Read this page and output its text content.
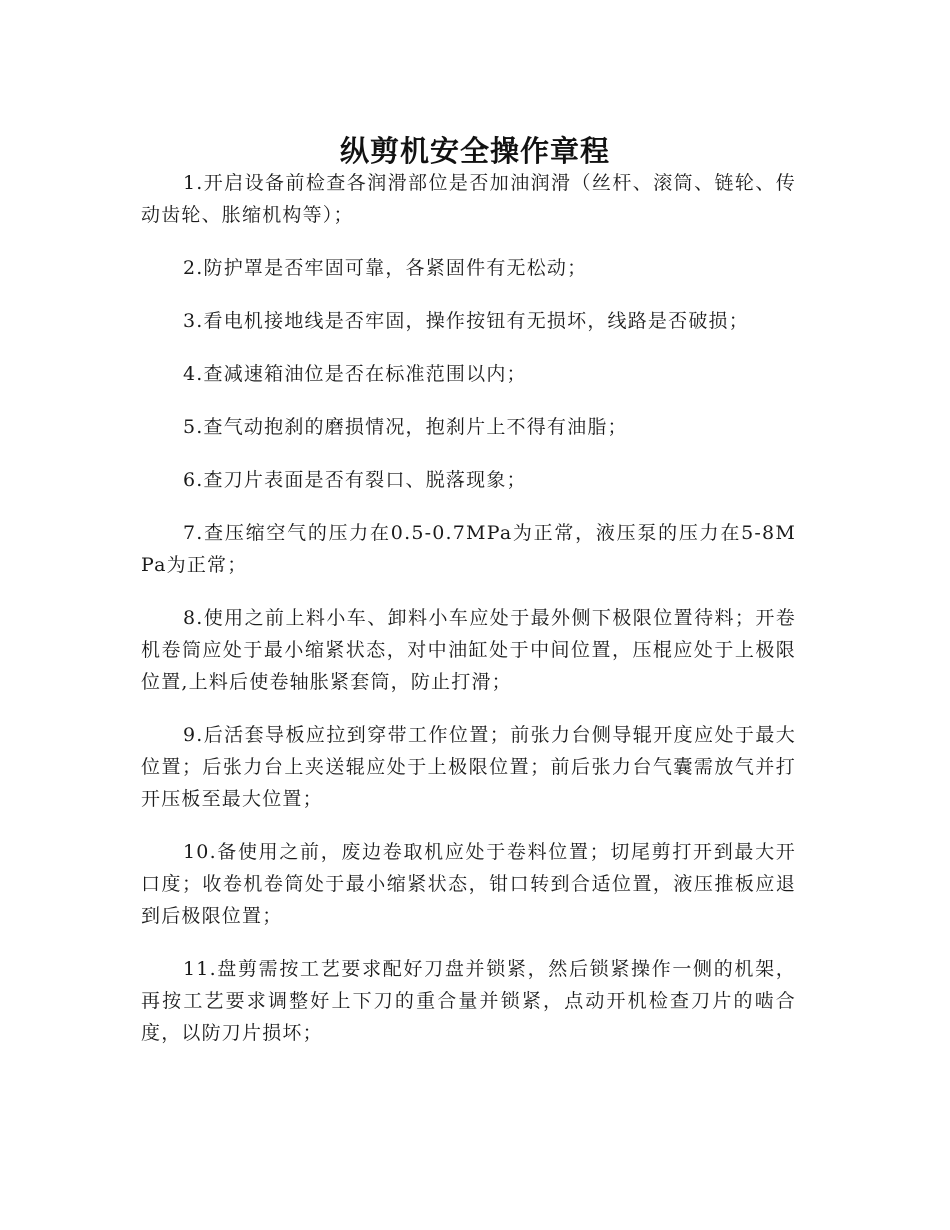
纵剪机安全操作章程

1.开启设备前检查各润滑部位是否加油润滑（丝杆、滚筒、链轮、传动齿轮、胀缩机构等）；

2.防护罩是否牢固可靠，各紧固件有无松动；

3.看电机接地线是否牢固，操作按钮有无损坏，线路是否破损；

4.查减速箱油位是否在标准范围以内；

5.查气动抱刹的磨损情况，抱刹片上不得有油脂；

6.查刀片表面是否有裂口、脱落现象；

7.查压缩空气的压力在0.5-0.7MPa为正常，液压泵的压力在5-8MPa为正常；

8.使用之前上料小车、卸料小车应处于最外侧下极限位置待料；开卷机卷筒应处于最小缩紧状态，对中油缸处于中间位置，压棍应处于上极限位置,上料后使卷轴胀紧套筒，防止打滑；

9.后活套导板应拉到穿带工作位置；前张力台侧导辊开度应处于最大位置；后张力台上夹送辊应处于上极限位置；前后张力台气囊需放气并打开压板至最大位置；

10.备使用之前，废边卷取机应处于卷料位置；切尾剪打开到最大开口度；收卷机卷筒处于最小缩紧状态，钳口转到合适位置，液压推板应退到后极限位置；

11.盘剪需按工艺要求配好刀盘并锁紧，然后锁紧操作一侧的机架，再按工艺要求调整好上下刀的重合量并锁紧，点动开机检查刀片的啮合度，以防刀片损坏；
